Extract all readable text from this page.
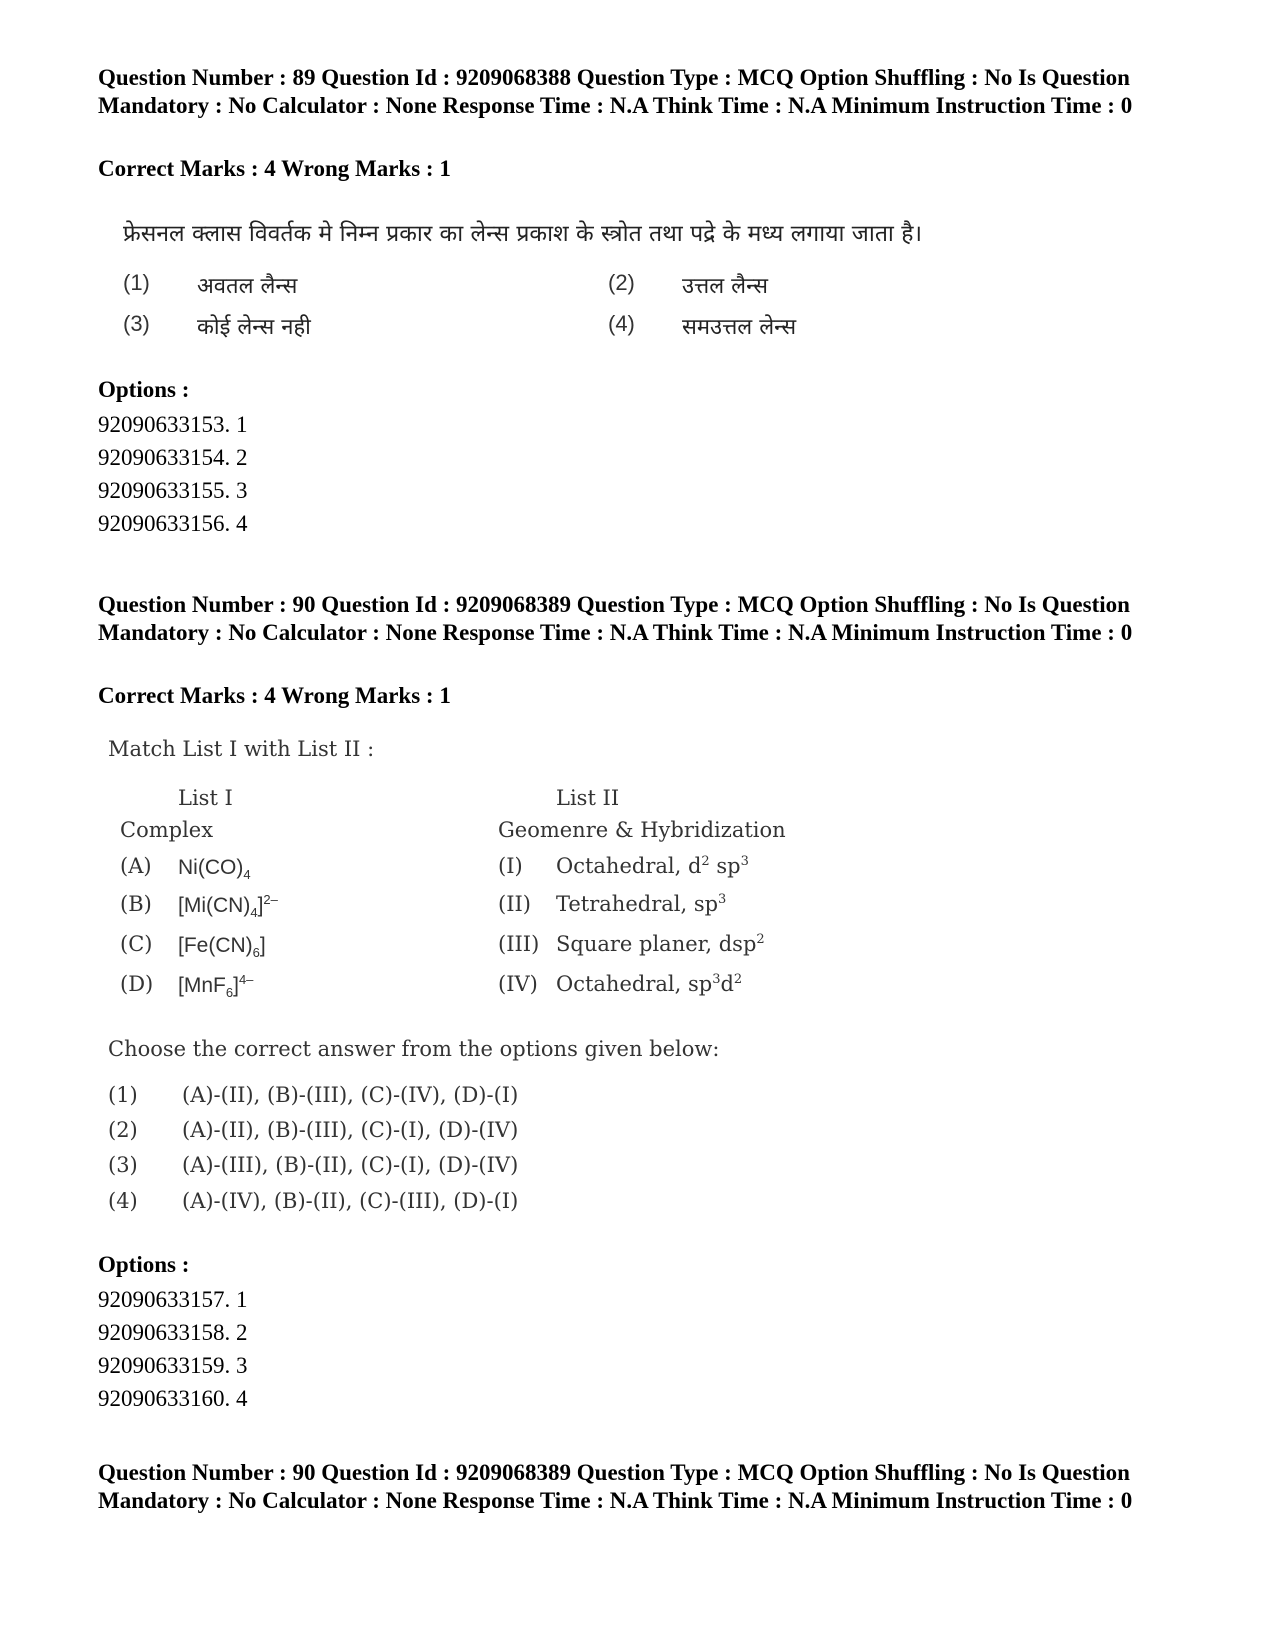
Question Number : 89 Question Id : 9209068388 Question Type : MCQ Option Shuffling : No Is Question Mandatory : No Calculator : None Response Time : N.A Think Time : N.A Minimum Instruction Time : 0

Correct Marks : 4 Wrong Marks : 1

फ्रेसनल क्लास विवर्तक मे निम्न प्रकार का लेन्स प्रकाश के स्त्रोत तथा पद्रे के मध्य लगाया जाता है।

(1)	अवतल लैन्स	(2)	उत्तल लैन्स
(3)	कोई लेन्स नही	(4)	समउत्तल लेन्स

Options :

92090633153. 1
92090633154. 2
92090633155. 3
92090633156. 4

Question Number : 90 Question Id : 9209068389 Question Type : MCQ Option Shuffling : No Is Question Mandatory : No Calculator : None Response Time : N.A Think Time : N.A Minimum Instruction Time : 0

Correct Marks : 4 Wrong Marks : 1

Match List I with List II :

List I	List II
Complex	Geomenre & Hybridization
(A) $Ni(CO)_4$	(I) Octahedral, $d^2$ $sp^3$
(B) $[Mi(CN)_4]^{2-}$	(II) Tetrahedral, $sp^3$
(C) $[Fe(CN)_6]$	(III) Square planer, dsp$^2$
(D) $[MnF_6]^{4-}$	(IV) Octahedral, $sp^3d^2$

Choose the correct answer from the options given below:

(1) (A)-(II), (B)-(III), (C)-(IV), (D)-(I)
(2) (A)-(II), (B)-(III), (C)-(I), (D)-(IV)
(3) (A)-(III), (B)-(II), (C)-(I), (D)-(IV)
(4) (A)-(IV), (B)-(II), (C)-(III), (D)-(I)

Options :

92090633157. 1
92090633158. 2
92090633159. 3
92090633160. 4

Question Number : 90 Question Id : 9209068389 Question Type : MCQ Option Shuffling : No Is Question Mandatory : No Calculator : None Response Time : N.A Think Time : N.A Minimum Instruction Time : 0
